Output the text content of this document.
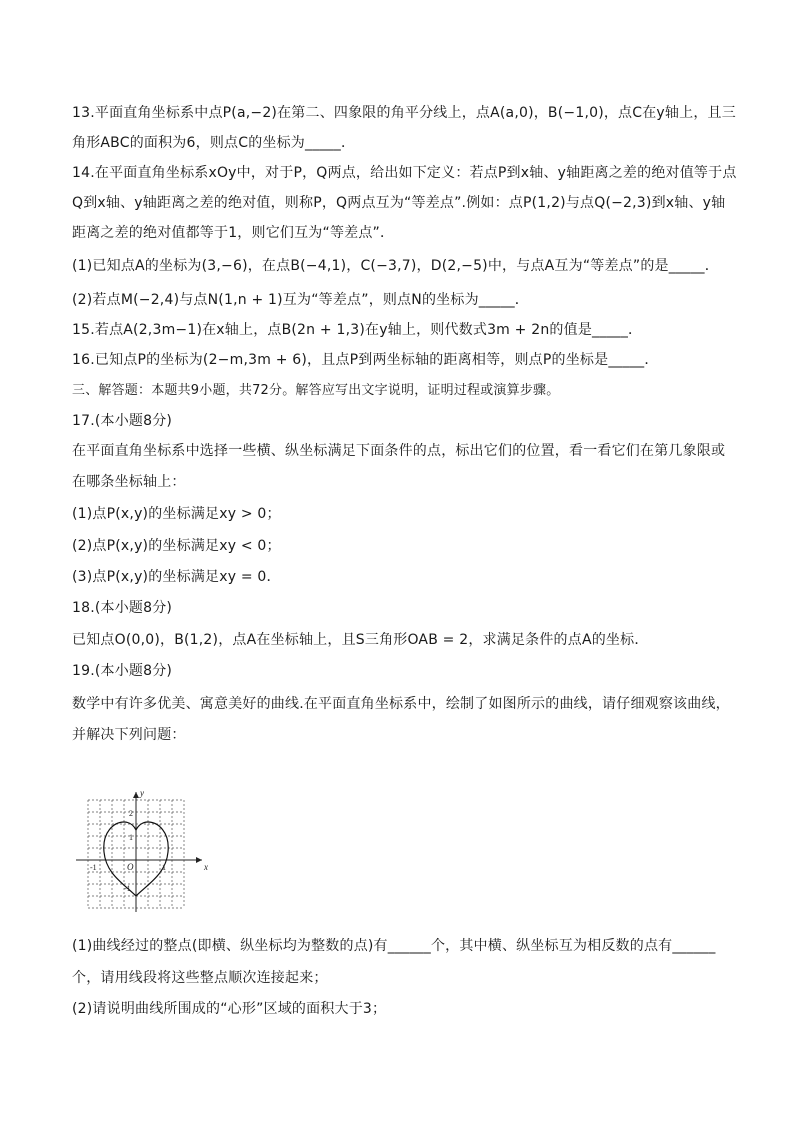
13.平面直角坐标系中点P(a,−2)在第二、四象限的角平分线上，点A(a,0)，B(−1,0)，点C在y轴上，且三
角形ABC的面积为6，则点C的坐标为_____．
14.在平面直角坐标系xOy中，对于P，Q两点，给出如下定义：若点P到x轴、y轴距离之差的绝对值等于点
Q到x轴、y轴距离之差的绝对值，则称P，Q两点互为“等差点”.例如：点P(1,2)与点Q(−2,3)到x轴、y轴
距离之差的绝对值都等于1，则它们互为“等差点”．
(1)已知点A的坐标为(3,−6)，在点B(−4,1)，C(−3,7)，D(2,−5)中，与点A互为“等差点”的是_____．
(2)若点M(−2,4)与点N(1,n + 1)互为“等差点”，则点N的坐标为_____．
15.若点A(2,3m−1)在x轴上，点B(2n + 1,3)在y轴上，则代数式3m + 2n的值是_____．
16.已知点P的坐标为(2−m,3m + 6)，且点P到两坐标轴的距离相等，则点P的坐标是_____．
三、解答题：本题共9小题，共72分。解答应写出文字说明，证明过程或演算步骤。
17.(本小题8分)
在平面直角坐标系中选择一些横、纵坐标满足下面条件的点，标出它们的位置，看一看它们在第几象限或
在哪条坐标轴上：
(1)点P(x,y)的坐标满足xy > 0；
(2)点P(x,y)的坐标满足xy < 0；
(3)点P(x,y)的坐标满足xy = 0．
18.(本小题8分)
已知点O(0,0)，B(1,2)，点A在坐标轴上，且S三角形OAB = 2，求满足条件的点A的坐标．
19.(本小题8分)
数学中有许多优美、寓意美好的曲线.在平面直角坐标系中，绘制了如图所示的曲线，请仔细观察该曲线，
并解决下列问题：
x
y
O
-1	1
1
2
-1
(1)曲线经过的整点(即横、纵坐标均为整数的点)有______个，其中横、纵坐标互为相反数的点有______
个，请用线段将这些整点顺次连接起来；
(2)请说明曲线所围成的“心形”区域的面积大于3；
